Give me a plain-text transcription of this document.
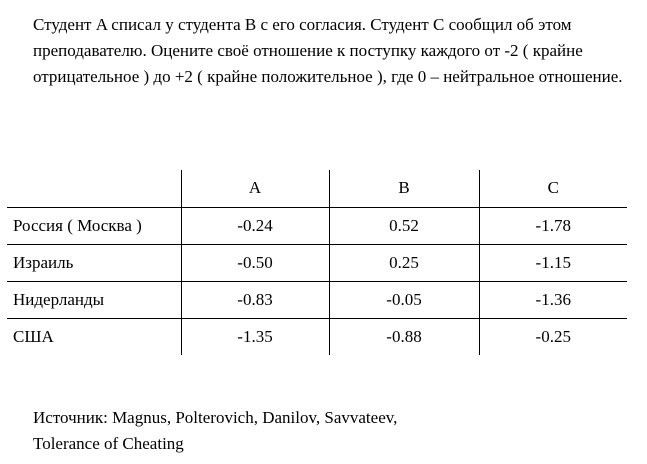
Студент A списал у студента B с его согласия. Студент C сообщил об этом преподавателю. Оцените своё отношение к поступку каждого от -2 ( крайне отрицательное ) до +2 ( крайне положительное ), где 0 – нейтральное отношение.

	A	B	C
Россия ( Москва )	-0.24	0.52	-1.78
Израиль	-0.50	0.25	-1.15
Нидерланды	-0.83	-0.05	-1.36
США	-1.35	-0.88	-0.25

Источник: Magnus, Polterovich, Danilov, Savvateev,
Tolerance of Cheating
